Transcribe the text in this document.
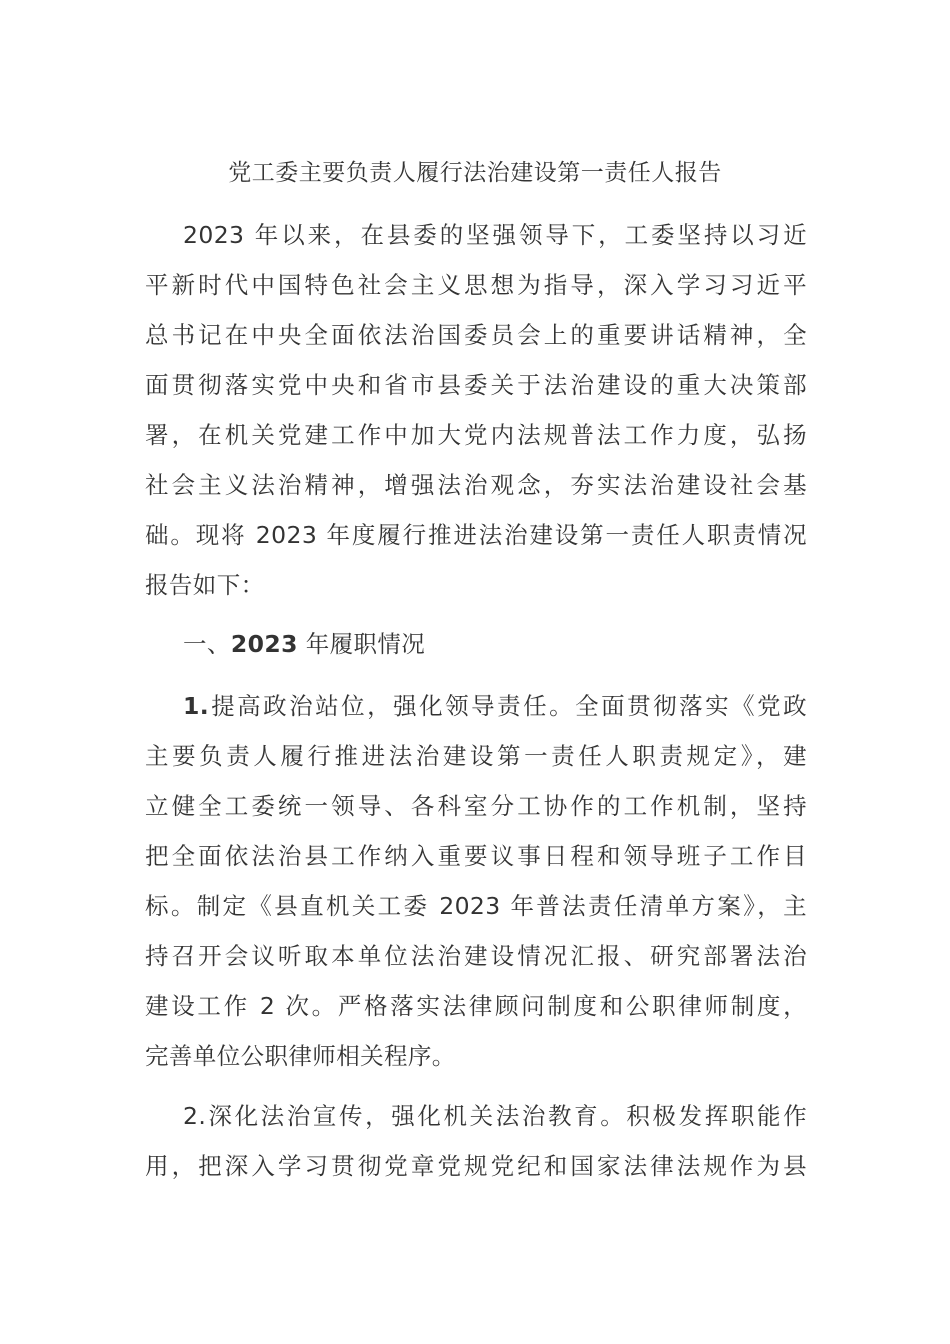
党工委主要负责人履行法治建设第一责任人报告
2023 年以来，在县委的坚强领导下，工委坚持以习近
平新时代中国特色社会主义思想为指导，深入学习习近平
总书记在中央全面依法治国委员会上的重要讲话精神，全
面贯彻落实党中央和省市县委关于法治建设的重大决策部
署，在机关党建工作中加大党内法规普法工作力度，弘扬
社会主义法治精神，增强法治观念，夯实法治建设社会基
础。现将 2023 年度履行推进法治建设第一责任人职责情况
报告如下：
一、2023 年履职情况
1.提高政治站位，强化领导责任。全面贯彻落实《党政
主要负责人履行推进法治建设第一责任人职责规定》，建
立健全工委统一领导、各科室分工协作的工作机制，坚持
把全面依法治县工作纳入重要议事日程和领导班子工作目
标。制定《县直机关工委 2023 年普法责任清单方案》，主
持召开会议听取本单位法治建设情况汇报、研究部署法治
建设工作 2 次。严格落实法律顾问制度和公职律师制度，
完善单位公职律师相关程序。
2.深化法治宣传，强化机关法治教育。积极发挥职能作
用，把深入学习贯彻党章党规党纪和国家法律法规作为县
